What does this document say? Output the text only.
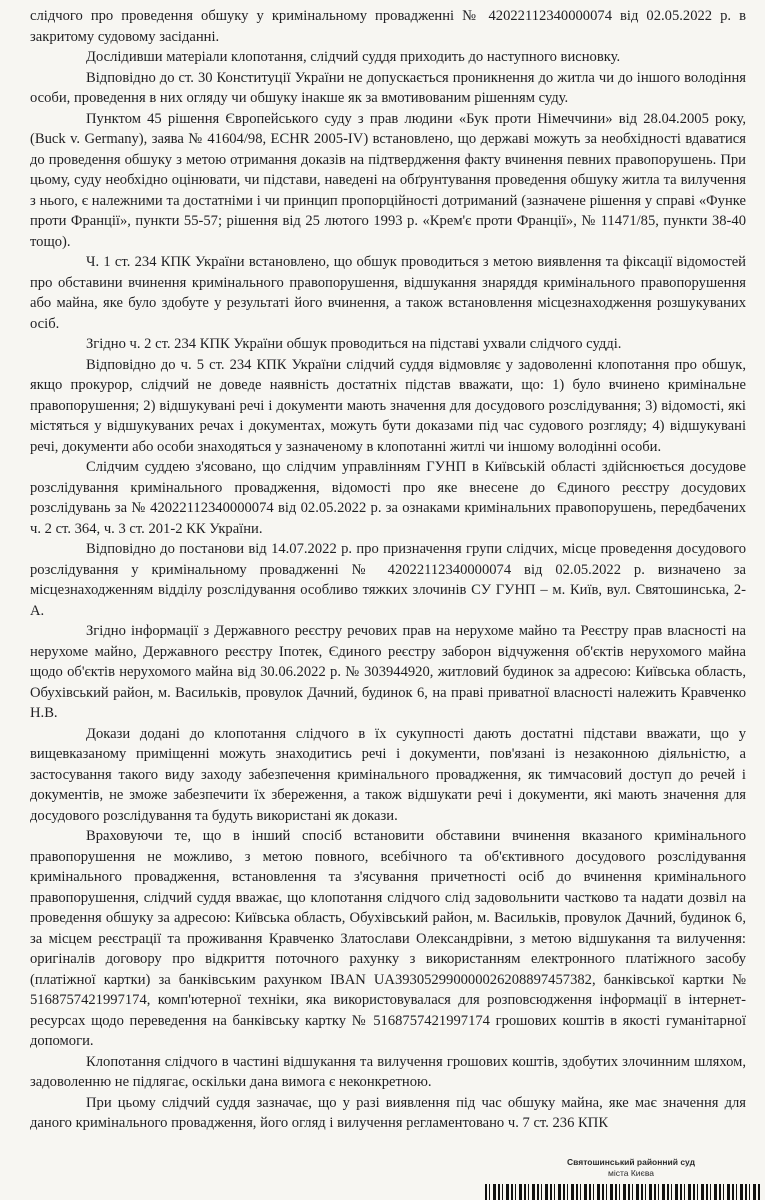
слідчого про проведення обшуку у кримінальному провадженні № 42022112340000074 від 02.05.2022 р. в закритому судовому засіданні.

Дослідивши матеріали клопотання, слідчий суддя приходить до наступного висновку.

Відповідно до ст. 30 Конституції України не допускається проникнення до житла чи до іншого володіння особи, проведення в них огляду чи обшуку інакше як за вмотивованим рішенням суду.

Пунктом 45 рішення Європейського суду з прав людини «Бук проти Німеччини» від 28.04.2005 року, (Buck v. Germany), заява № 41604/98, ECHR 2005-IV) встановлено, що державі можуть за необхідності вдаватися до проведення обшуку з метою отримання доказів на підтвердження факту вчинення певних правопорушень. При цьому, суду необхідно оцінювати, чи підстави, наведені на обґрунтування проведення обшуку житла та вилучення з нього, є належними та достатніми і чи принцип пропорційності дотриманий (зазначене рішення у справі «Функе проти Франції», пункти 55-57; рішення від 25 лютого 1993 р. «Крем'є проти Франції», № 11471/85, пункти 38-40 тощо).

Ч. 1 ст. 234 КПК України встановлено, що обшук проводиться з метою виявлення та фіксації відомостей про обставини вчинення кримінального правопорушення, відшукання знаряддя кримінального правопорушення або майна, яке було здобуте у результаті його вчинення, а також встановлення місцезнаходження розшукуваних осіб.

Згідно ч. 2 ст. 234 КПК України обшук проводиться на підставі ухвали слідчого судді.

Відповідно до ч. 5 ст. 234 КПК України слідчий суддя відмовляє у задоволенні клопотання про обшук, якщо прокурор, слідчий не доведе наявність достатніх підстав вважати, що: 1) було вчинено кримінальне правопорушення; 2) відшукувані речі і документи мають значення для досудового розслідування; 3) відомості, які містяться у відшукуваних речах і документах, можуть бути доказами під час судового розгляду; 4) відшукувані речі, документи або особи знаходяться у зазначеному в клопотанні житлі чи іншому володінні особи.

Слідчим суддею з'ясовано, що слідчим управлінням ГУНП в Київській області здійснюється досудове розслідування кримінального провадження, відомості про яке внесене до Єдиного реєстру досудових розслідувань за № 42022112340000074 від 02.05.2022 р. за ознаками кримінальних правопорушень, передбачених ч. 2 ст. 364, ч. 3 ст. 201-2 КК України.

Відповідно до постанови від 14.07.2022 р. про призначення групи слідчих, місце проведення досудового розслідування у кримінальному провадженні № 42022112340000074 від 02.05.2022 р. визначено за місцезнаходженням відділу розслідування особливо тяжких злочинів СУ ГУНП – м. Київ, вул. Святошинська, 2-А.

Згідно інформації з Державного реєстру речових прав на нерухоме майно та Реєстру прав власності на нерухоме майно, Державного реєстру Іпотек, Єдиного реєстру заборон відчуження об'єктів нерухомого майна щодо об'єктів нерухомого майна від 30.06.2022 р. № 303944920, житловий будинок за адресою: Київська область, Обухівський район, м. Васильків, провулок Дачний, будинок 6, на праві приватної власності належить Кравченко Н.В.

Докази додані до клопотання слідчого в їх сукупності дають достатні підстави вважати, що у вищевказаному приміщенні можуть знаходитись речі і документи, пов'язані із незаконною діяльністю, а застосування такого виду заходу забезпечення кримінального провадження, як тимчасовий доступ до речей і документів, не зможе забезпечити їх збереження, а також відшукати речі і документи, які мають значення для досудового розслідування та будуть використані як докази.

Враховуючи те, що в інший спосіб встановити обставини вчинення вказаного кримінального правопорушення не можливо, з метою повного, всебічного та об'єктивного досудового розслідування кримінального провадження, встановлення та з'ясування причетності осіб до вчинення кримінального правопорушення, слідчий суддя вважає, що клопотання слідчого слід задовольнити частково та надати дозвіл на проведення обшуку за адресою: Київська область, Обухівський район, м. Васильків, провулок Дачний, будинок 6, за місцем реєстрації та проживання Кравченко Златослави Олександрівни, з метою відшукання та вилучення: оригіналів договору про відкриття поточного рахунку з використанням електронного платіжного засобу (платіжної картки) за банківським рахунком IBAN UA393052990000026208897457382, банківської картки № 5168757421997174, комп'ютерної техніки, яка використовувалася для розповсюдження інформації в інтернет-ресурсах щодо переведення на банківську картку № 5168757421997174 грошових коштів в якості гуманітарної допомоги.

Клопотання слідчого в частині відшукання та вилучення грошових коштів, здобутих злочинним шляхом, задоволенню не підлягає, оскільки дана вимога є неконкретною.

При цьому слідчий суддя зазначає, що у разі виявлення під час обшуку майна, яке має значення для даного кримінального провадження, його огляд і вилучення регламентовано ч. 7 ст. 236 КПК

Святошинський районний суд
міста Києва
